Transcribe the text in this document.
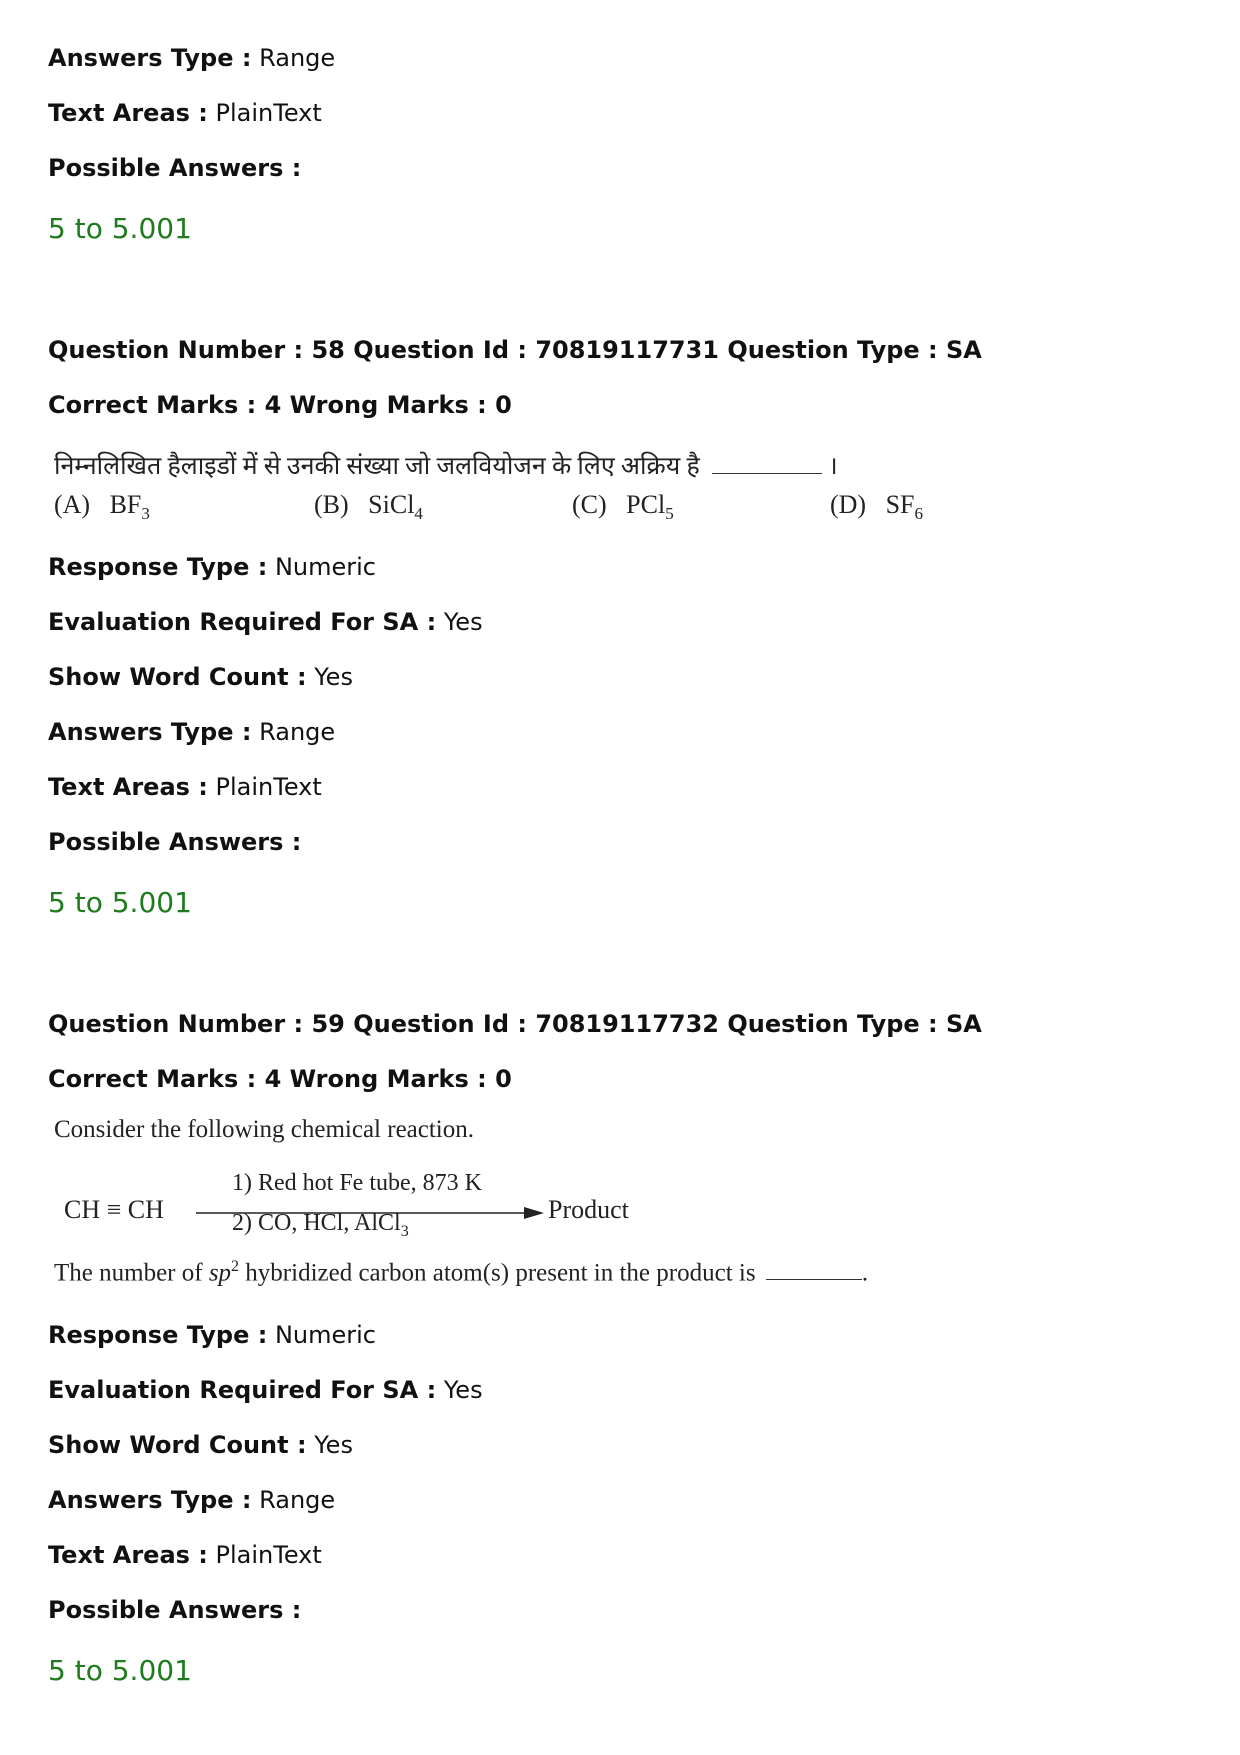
Answers Type : Range
Text Areas : PlainText
Possible Answers :
5 to 5.001
Question Number : 58 Question Id : 70819117731 Question Type : SA
Correct Marks : 4 Wrong Marks : 0
निम्नलिखित हैलाइडों में से उनकी संख्या जो जलवियोजन के लिए अक्रिय है	।
(A) $BF_3$	(B) SiCl$_4$	(C) PCl$_5$	(D) $SF_6$
Response Type : Numeric
Evaluation Required For SA : Yes
Show Word Count : Yes
Answers Type : Range
Text Areas : PlainText
Possible Answers :
5 to 5.001
Question Number : 59 Question Id : 70819117732 Question Type : SA
Correct Marks : 4 Wrong Marks : 0
Consider the following chemical reaction.
CH ≡ CH
1) Red hot Fe tube, 873 K
2) CO, HCl, AlCl$_3$
Product
The number of $sp^2$ hybridized carbon atom(s) present in the product is	.
Response Type : Numeric
Evaluation Required For SA : Yes
Show Word Count : Yes
Answers Type : Range
Text Areas : PlainText
Possible Answers :
5 to 5.001
